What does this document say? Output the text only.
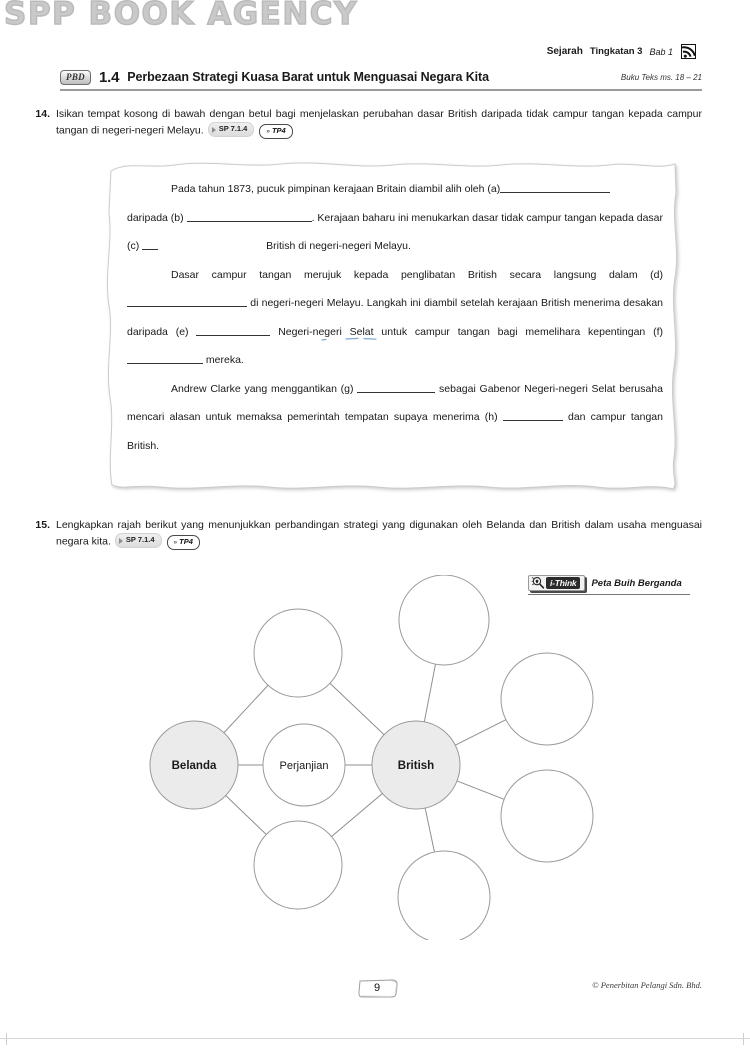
SPP BOOK AGENCY
Sejarah Tingkatan 3 Bab 1
PBD 1.4 Perbezaan Strategi Kuasa Barat untuk Menguasai Negara Kita	Buku Teks ms. 18 – 21
14. Isikan tempat kosong di bawah dengan betul bagi menjelaskan perubahan dasar British daripada tidak campur tangan kepada campur tangan di negeri-negeri Melayu. SP 7.1.4	» TP4

Pada tahun 1873, pucuk pimpinan kerajaan Britain diambil alih oleh (a)

daripada (b)	. Kerajaan baharu ini menukarkan dasar tidak campur tangan kepada dasar (c)	British di negeri-negeri Melayu.

Dasar campur tangan merujuk kepada penglibatan British secara langsung dalam (d) di negeri-negeri Melayu. Langkah ini diambil setelah kerajaan British menerima desakan daripada (e)	Negeri-negeri Selat untuk campur tangan bagi memelihara kepentingan (f)  mereka.

Andrew Clarke yang menggantikan (g)	sebagai Gabenor Negeri-negeri Selat berusaha mencari alasan untuk memaksa pemerintah tempatan supaya menerima (h)	dan campur tangan British.

15. Lengkapkan rajah berikut yang menunjukkan perbandingan strategi yang digunakan oleh Belanda dan British dalam usaha menguasai negara kita. SP 7.1.4	» TP4
i-Think	Peta Buih Berganda
Belanda	British
Perjanjian
9	© Penerbitan Pelangi Sdn. Bhd.
